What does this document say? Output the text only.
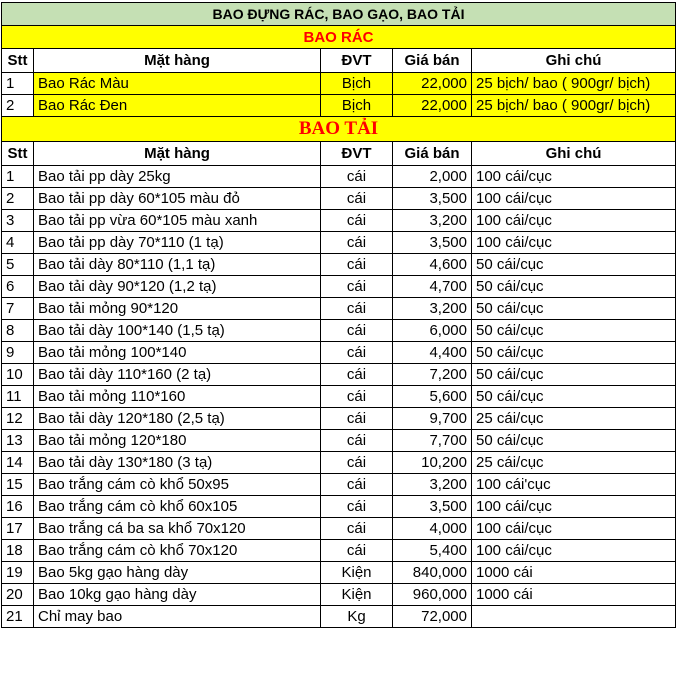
BAO ĐỰNG RÁC, BAO GẠO, BAO TẢI				
BAO RÁC				
Stt	Mặt hàng	ĐVT	Giá bán	Ghi chú
1	Bao Rác Màu	Bịch	22,000	25 bịch/ bao ( 900gr/ bịch)
2	Bao Rác Đen	Bịch	22,000	25 bịch/ bao ( 900gr/ bịch)
BAO TẢI				
Stt	Mặt hàng	ĐVT	Giá bán	Ghi chú
1	Bao tải pp dày 25kg	cái	2,000	100 cái/cục
2	Bao tải pp dày 60*105 màu đỏ	cái	3,500	100 cái/cục
3	Bao tải pp vừa 60*105 màu xanh	cái	3,200	100 cái/cục
4	Bao tải pp dày 70*110 (1 tạ)	cái	3,500	100 cái/cục
5	Bao tải dày 80*110 (1,1 tạ)	cái	4,600	50 cái/cục
6	Bao tải dày 90*120 (1,2 tạ)	cái	4,700	50 cái/cục
7	Bao tải mỏng 90*120	cái	3,200	50 cái/cục
8	Bao tải dày 100*140 (1,5 tạ)	cái	6,000	50 cái/cục
9	Bao tải mỏng 100*140	cái	4,400	50 cái/cục
10	Bao tải dày 110*160 (2 tạ)	cái	7,200	50 cái/cục
11	Bao tải mỏng 110*160	cái	5,600	50 cái/cục
12	Bao tải dày 120*180 (2,5 tạ)	cái	9,700	25 cái/cục
13	Bao tải mỏng 120*180	cái	7,700	50 cái/cục
14	Bao tải dày 130*180 (3 tạ)	cái	10,200	25 cái/cục
15	Bao trắng cám cò khổ 50x95	cái	3,200	100 cái'cục
16	Bao trắng cám cò khổ 60x105	cái	3,500	100 cái/cục
17	Bao trắng cá ba sa khổ 70x120	cái	4,000	100 cái/cục
18	Bao trắng cám cò khổ 70x120	cái	5,400	100 cái/cục
19	Bao 5kg gạo hàng dày	Kiện	840,000	1000 cái
20	Bao 10kg gạo hàng dày	Kiện	960,000	1000 cái
21	Chỉ may bao	Kg	72,000	
